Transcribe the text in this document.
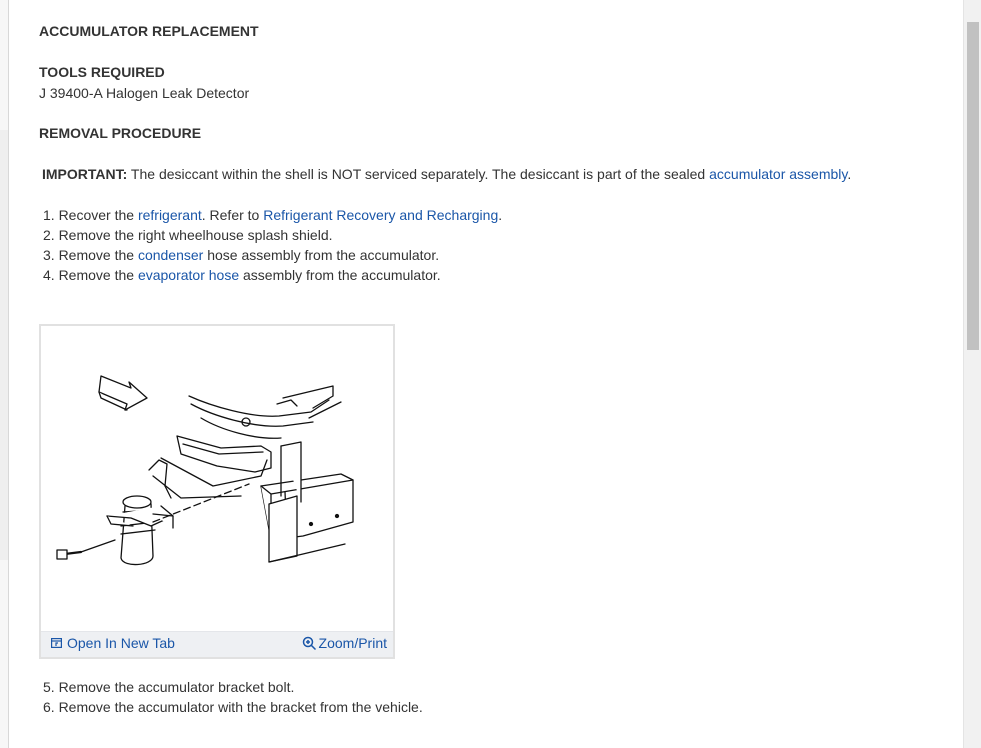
ACCUMULATOR REPLACEMENT
TOOLS REQUIRED
J 39400-A Halogen Leak Detector
REMOVAL PROCEDURE
IMPORTANT: The desiccant within the shell is NOT serviced separately. The desiccant is part of the sealed accumulator assembly.
1. Recover the refrigerant. Refer to Refrigerant Recovery and Recharging.
2. Remove the right wheelhouse splash shield.
3. Remove the condenser hose assembly from the accumulator.
4. Remove the evaporator hose assembly from the accumulator.
5. Remove the accumulator bracket bolt.
6. Remove the accumulator with the bracket from the vehicle.
Open In New Tab	Zoom/Print
